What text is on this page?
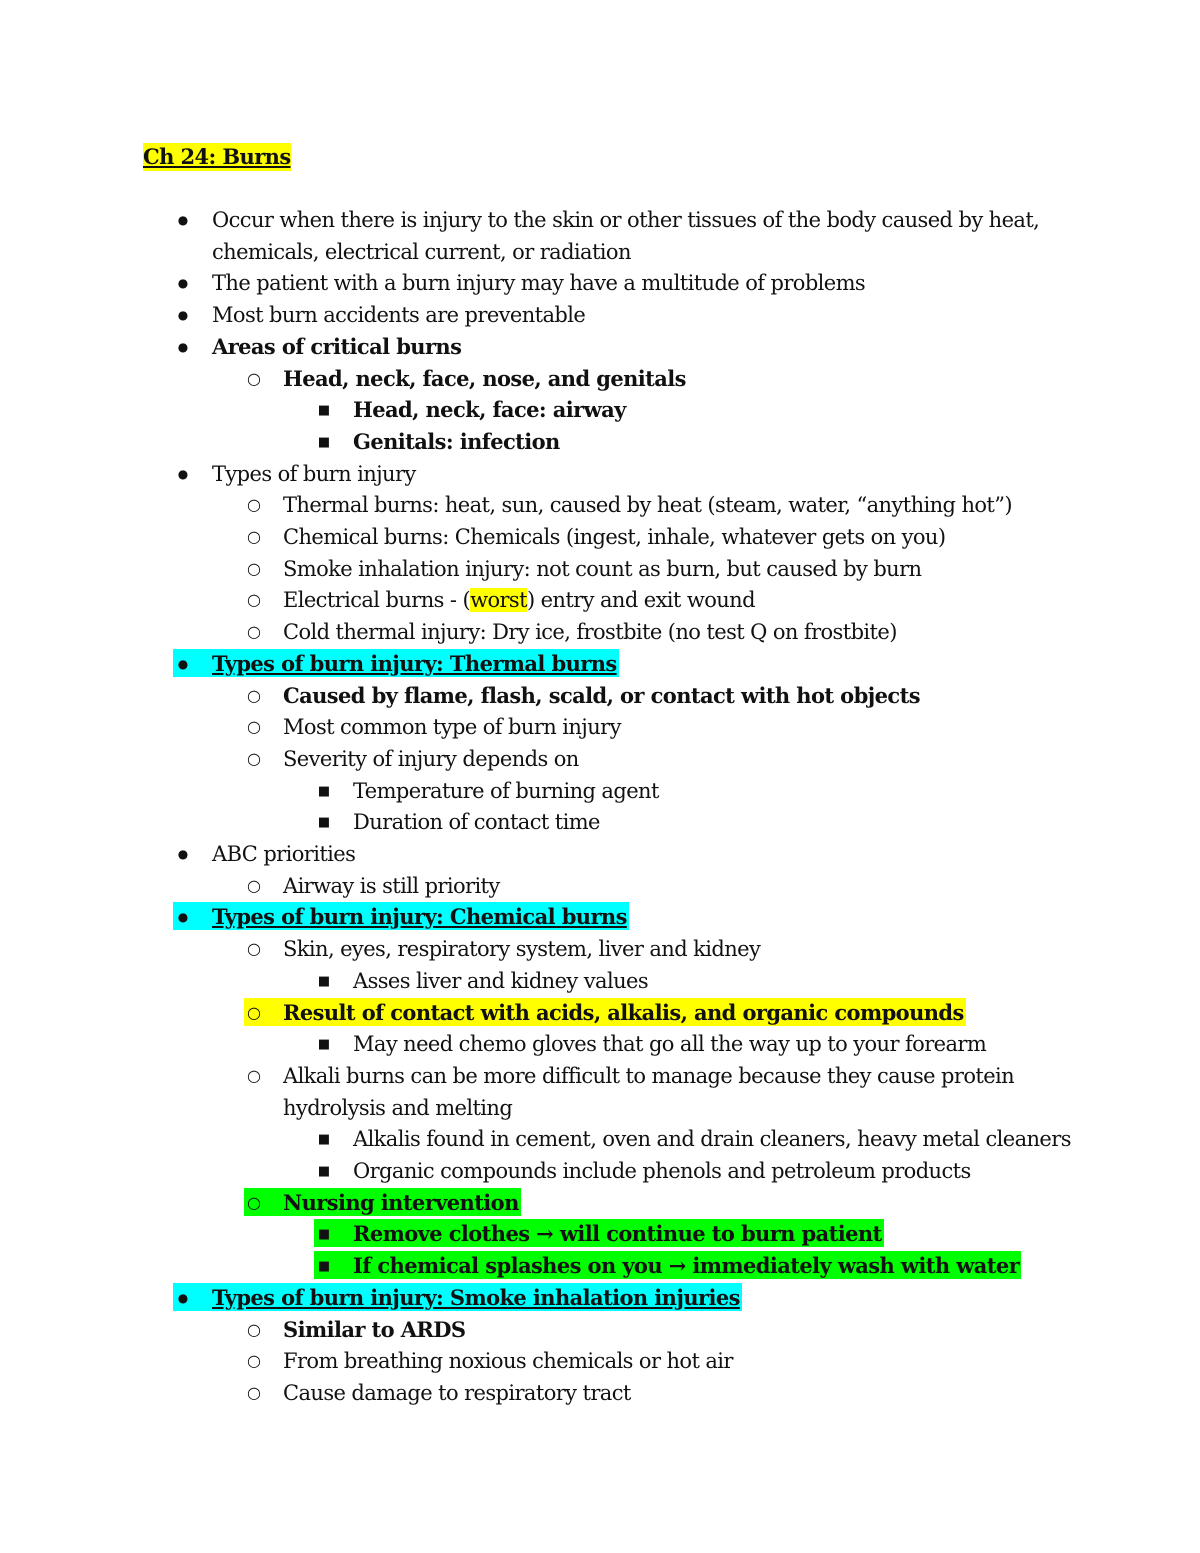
Ch 24: Burns
● Occur when there is injury to the skin or other tissues of the body caused by heat,
chemicals, electrical current, or radiation
● The patient with a burn injury may have a multitude of problems
● Most burn accidents are preventable
● Areas of critical burns
○ Head, neck, face, nose, and genitals
■ Head, neck, face: airway
■ Genitals: infection
● Types of burn injury
○ Thermal burns: heat, sun, caused by heat (steam, water, “anything hot”)
○ Chemical burns: Chemicals (ingest, inhale, whatever gets on you)
○ Smoke inhalation injury: not count as burn, but caused by burn
○ Electrical burns - (worst) entry and exit wound
○ Cold thermal injury: Dry ice, frostbite (no test Q on frostbite)
● Types of burn injury: Thermal burns
○ Caused by flame, flash, scald, or contact with hot objects
○ Most common type of burn injury
○ Severity of injury depends on
■ Temperature of burning agent
■ Duration of contact time
● ABC priorities
○ Airway is still priority
● Types of burn injury: Chemical burns
○ Skin, eyes, respiratory system, liver and kidney
■ Asses liver and kidney values
○ Result of contact with acids, alkalis, and organic compounds
■ May need chemo gloves that go all the way up to your forearm
○ Alkali burns can be more difficult to manage because they cause protein
hydrolysis and melting
■ Alkalis found in cement, oven and drain cleaners, heavy metal cleaners
■ Organic compounds include phenols and petroleum products
○ Nursing intervention
■ Remove clothes → will continue to burn patient
■ If chemical splashes on you → immediately wash with water
● Types of burn injury: Smoke inhalation injuries
○ Similar to ARDS
○ From breathing noxious chemicals or hot air
○ Cause damage to respiratory tract
